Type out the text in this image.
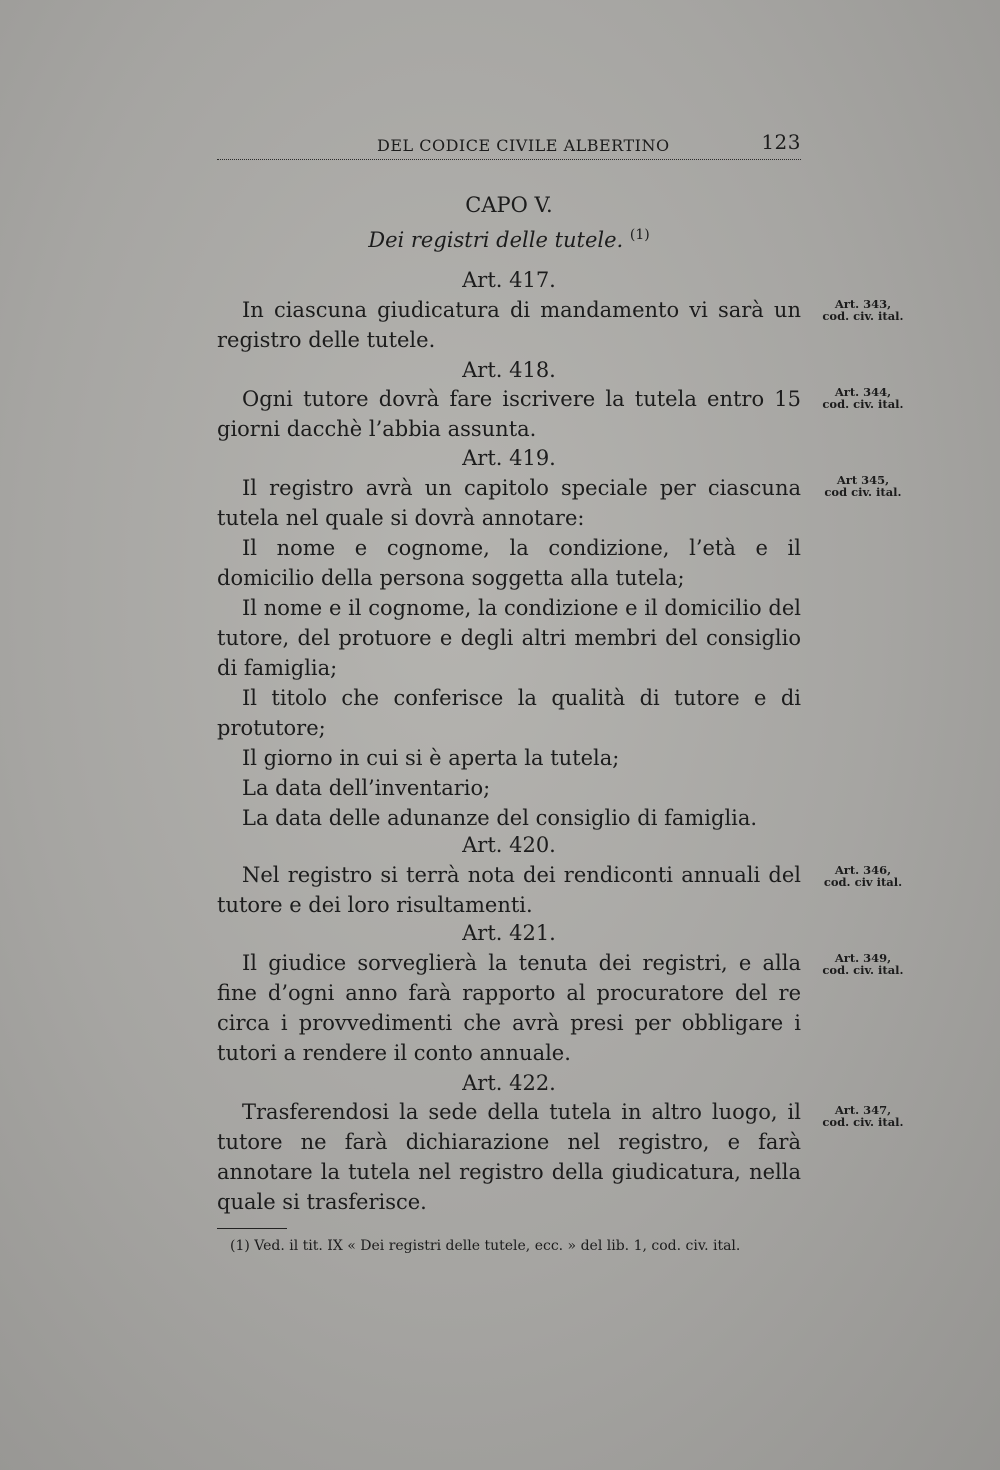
DEL CODICE CIVILE ALBERTINO	123
CAPO V.
Dei registri delle tutele. $^{(1)}$
Art. 417.
In ciascuna giudicatura di mandamento vi sarà un registro delle tutele.
Art. 343,
cod. civ. ital.
Art. 418.
Ogni tutore dovrà fare iscrivere la tutela entro 15 giorni dacchè l’abbia assunta.
Art. 344,
cod. civ. ital.
Art. 419.
Il registro avrà un capitolo speciale per ciascuna tutela nel quale si dovrà annotare:
Il nome e cognome, la condizione, l’età e il domicilio della persona soggetta alla tutela;
Il nome e il cognome, la condizione e il domicilio del tutore, del protuore e degli altri membri del consiglio di famiglia;
Il titolo che conferisce la qualità di tutore e di protutore;
Il giorno in cui si è aperta la tutela;
La data dell’inventario;
La data delle adunanze del consiglio di famiglia.
Art 345,
cod civ. ital.
Art. 420.
Nel registro si terrà nota dei rendiconti annuali del tutore e dei loro risultamenti.
Art. 346,
cod. civ ital.
Art. 421.
Il giudice sorveglierà la tenuta dei registri, e alla fine d’ogni anno farà rapporto al procuratore del re circa i provvedimenti che avrà presi per obbligare i tutori a rendere il conto annuale.
Art. 349,
cod. civ. ital.
Art. 422.
Trasferendosi la sede della tutela in altro luogo, il tutore ne farà dichiarazione nel registro, e farà annotare la tutela nel registro della giudicatura, nella quale si trasferisce.
Art. 347,
cod. civ. ital.
(1) Ved. il tit. IX « Dei registri delle tutele, ecc. » del lib. 1, cod. civ. ital.
